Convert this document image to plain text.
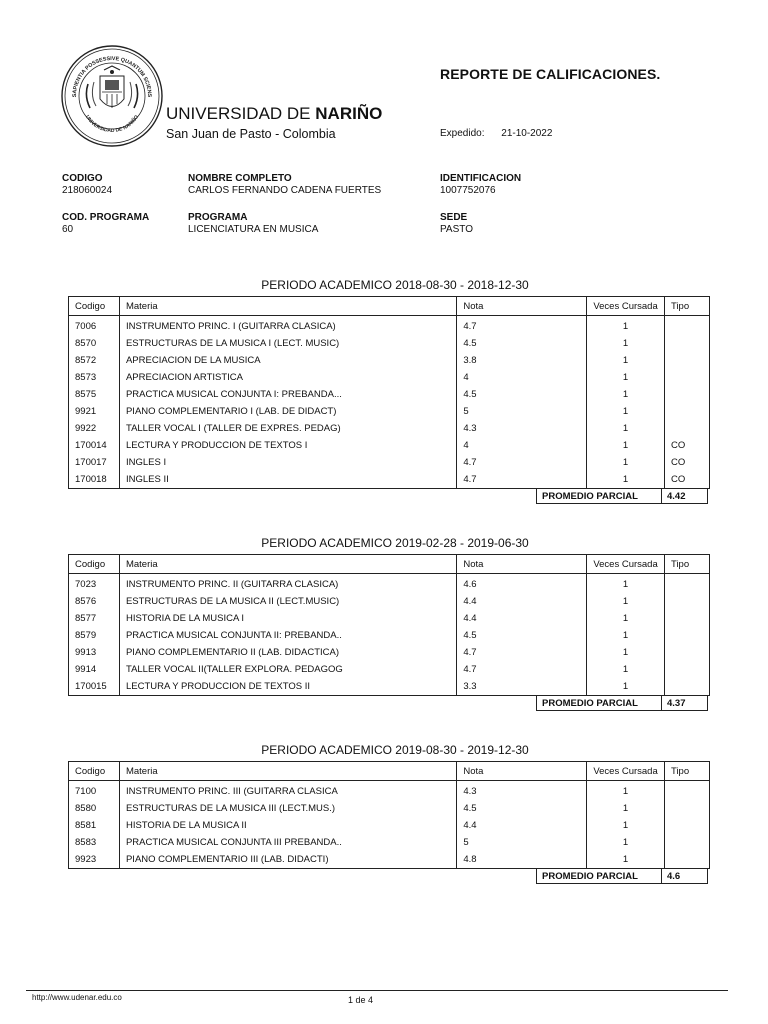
SAPIENTIA POSSESSIVE QUANTUM SCIENS
UNIVERSIDAD DE NARIÑO UNIVERSIDAD DE NARIÑO
San Juan de Pasto - Colombia
REPORTE DE CALIFICACIONES.
Expedido: 21-10-2022
CODIGO
218060024
NOMBRE COMPLETO
CARLOS FERNANDO CADENA FUERTES
IDENTIFICACION
1007752076
COD. PROGRAMA
60
PROGRAMA
LICENCIATURA EN MUSICA
SEDE
PASTO
PERIODO ACADEMICO 2018-08-30 - 2018-12-30
Codigo	Materia	Nota	Veces Cursada	Tipo
7006	INSTRUMENTO PRINC. I (GUITARRA CLASICA)	4.7	1	
8570	ESTRUCTURAS DE LA MUSICA I (LECT. MUSIC)	4.5	1	
8572	APRECIACION DE LA MUSICA	3.8	1	
8573	APRECIACION ARTISTICA	4	1	
8575	PRACTICA MUSICAL CONJUNTA I: PREBANDA...	4.5	1	
9921	PIANO COMPLEMENTARIO I (LAB. DE DIDACT)	5	1	
9922	TALLER VOCAL I (TALLER DE EXPRES. PEDAG)	4.3	1	
170014	LECTURA Y PRODUCCION DE TEXTOS I	4	1	CO
170017	INGLES I	4.7	1	CO
170018	INGLES II	4.7	1	CO
PROMEDIO PARCIAL	4.42
PERIODO ACADEMICO 2019-02-28 - 2019-06-30
Codigo	Materia	Nota	Veces Cursada	Tipo
7023	INSTRUMENTO PRINC. II (GUITARRA CLASICA)	4.6	1	
8576	ESTRUCTURAS DE LA MUSICA II (LECT.MUSIC)	4.4	1	
8577	HISTORIA DE LA MUSICA I	4.4	1	
8579	PRACTICA MUSICAL CONJUNTA II: PREBANDA..	4.5	1	
9913	PIANO COMPLEMENTARIO II (LAB. DIDACTICA)	4.7	1	
9914	TALLER VOCAL II(TALLER EXPLORA. PEDAGOG	4.7	1	
170015	LECTURA Y PRODUCCION DE TEXTOS II	3.3	1	
PROMEDIO PARCIAL	4.37
PERIODO ACADEMICO 2019-08-30 - 2019-12-30
Codigo	Materia	Nota	Veces Cursada	Tipo
7100	INSTRUMENTO PRINC. III (GUITARRA CLASICA	4.3	1	
8580	ESTRUCTURAS DE LA MUSICA III (LECT.MUS.)	4.5	1	
8581	HISTORIA DE LA MUSICA II	4.4	1	
8583	PRACTICA MUSICAL CONJUNTA III PREBANDA..	5	1	
9923	PIANO COMPLEMENTARIO III (LAB. DIDACTI)	4.8	1	
PROMEDIO PARCIAL	4.6
http://www.udenar.edu.co	1 de 4
